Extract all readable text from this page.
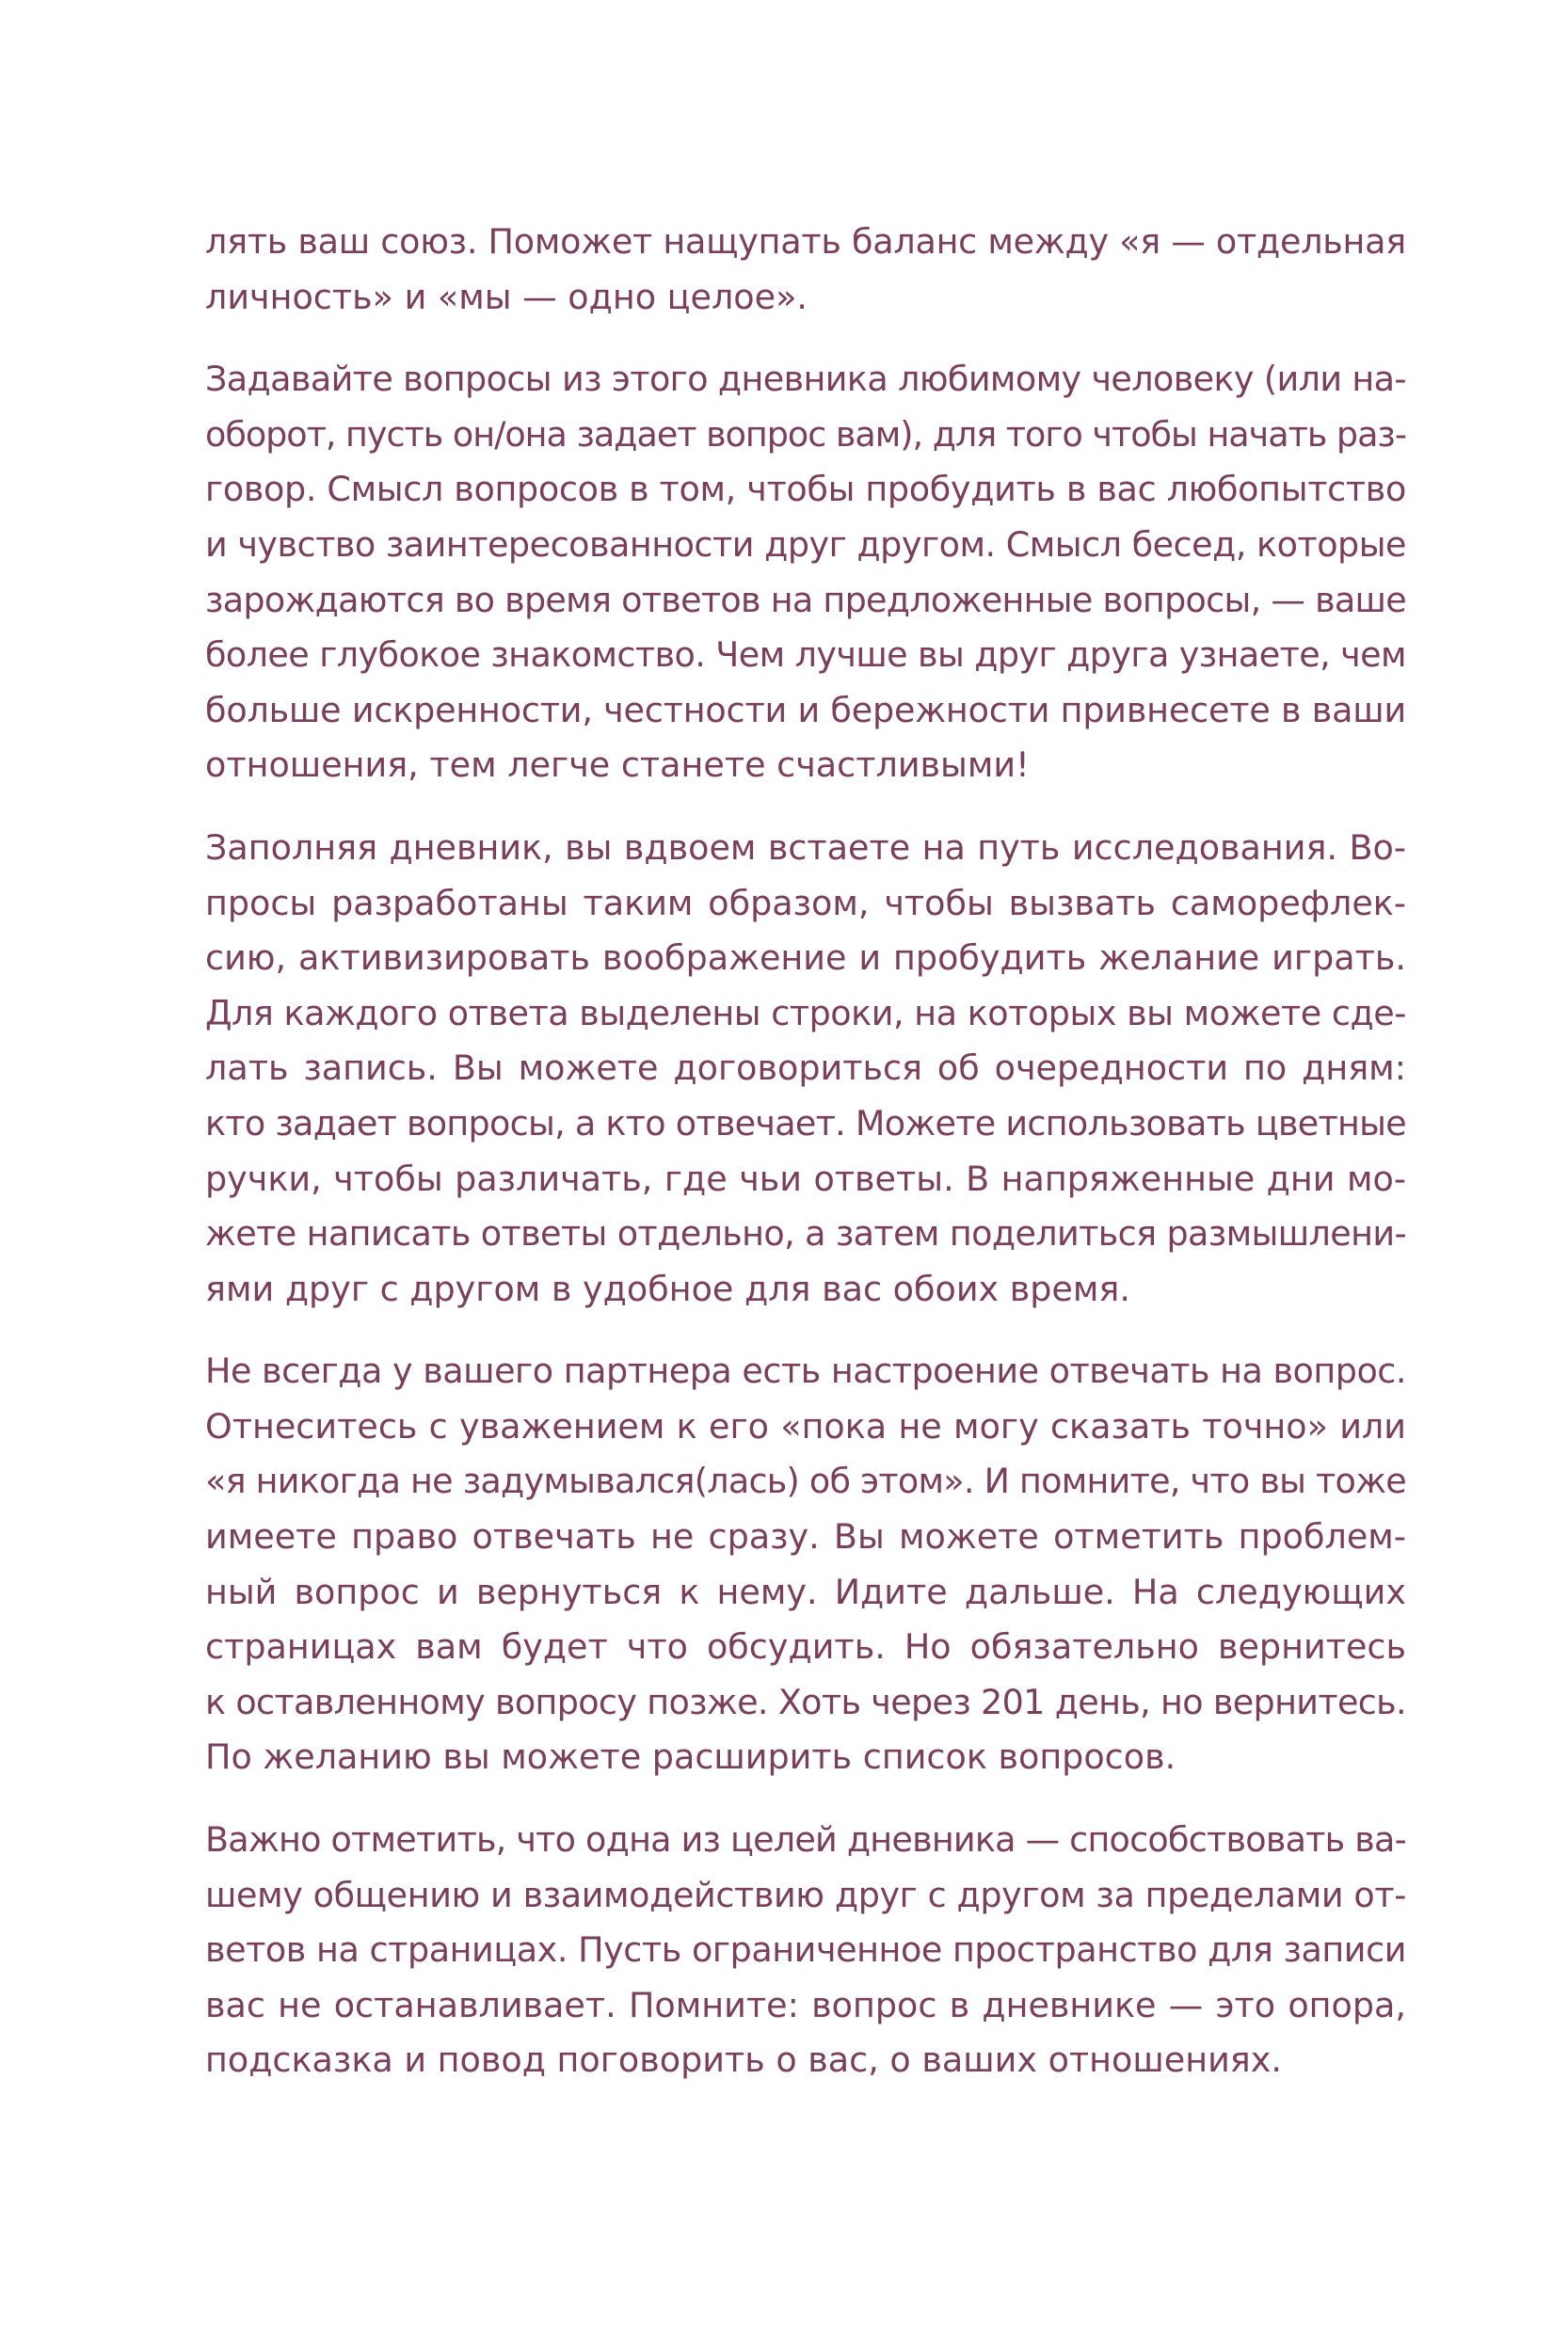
лять ваш союз. Поможет нащупать баланс между «я — отдельная
личность» и «мы — одно целое».

Задавайте вопросы из этого дневника любимому человеку (или на-
оборот, пусть он/она задает вопрос вам), для того чтобы начать раз-
говор. Смысл вопросов в том, чтобы пробудить в вас любопытство
и чувство заинтересованности друг другом. Смысл бесед, которые
зарождаются во время ответов на предложенные вопросы, — ваше
более глубокое знакомство. Чем лучше вы друг друга узнаете, чем
больше искренности, честности и бережности привнесете в ваши
отношения, тем легче станете счастливыми!

Заполняя дневник, вы вдвоем встаете на путь исследования. Во-
просы разработаны таким образом, чтобы вызвать саморефлек-
сию, активизировать воображение и пробудить желание играть.
Для каждого ответа выделены строки, на которых вы можете сде-
лать запись. Вы можете договориться об очередности по дням:
кто задает вопросы, а кто отвечает. Можете использовать цветные
ручки, чтобы различать, где чьи ответы. В напряженные дни мо-
жете написать ответы отдельно, а затем поделиться размышлени-
ями друг с другом в удобное для вас обоих время.

Не всегда у вашего партнера есть настроение отвечать на вопрос.
Отнеситесь с уважением к его «пока не могу сказать точно» или
«я никогда не задумывался(лась) об этом». И помните, что вы тоже
имеете право отвечать не сразу. Вы можете отметить проблем-
ный вопрос и вернуться к нему. Идите дальше. На следующих
страницах вам будет что обсудить. Но обязательно вернитесь
к оставленному вопросу позже. Хоть через 201 день, но вернитесь.
По желанию вы можете расширить список вопросов.

Важно отметить, что одна из целей дневника — способствовать ва-
шему общению и взаимодействию друг с другом за пределами от-
ветов на страницах. Пусть ограниченное пространство для записи
вас не останавливает. Помните: вопрос в дневнике — это опора,
подсказка и повод поговорить о вас, о ваших отношениях.
